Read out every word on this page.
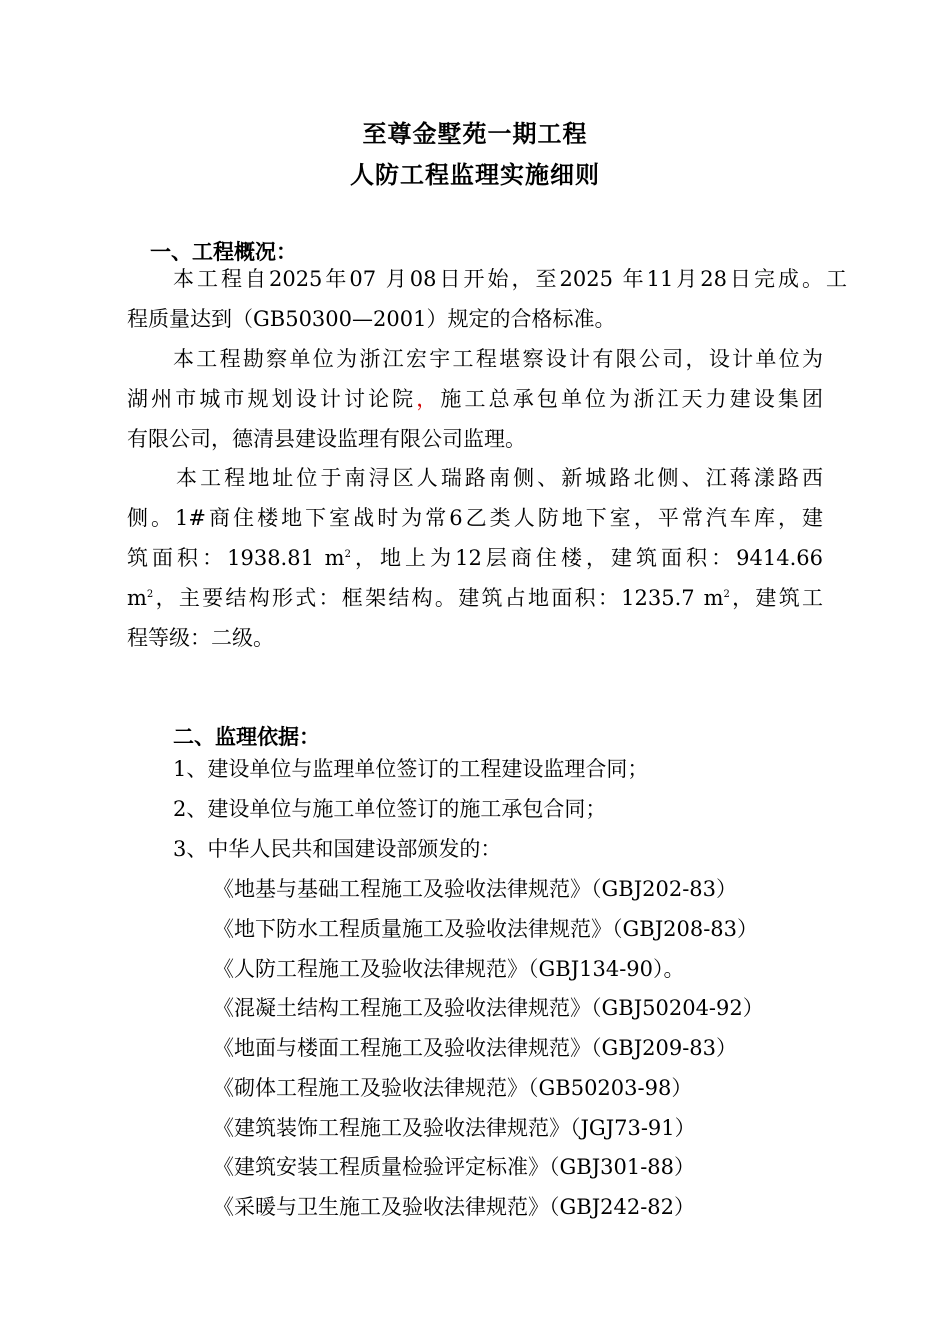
至尊金墅苑一期工程
人防工程监理实施细则
一、工程概况：
本工程自2025年07 月08日开始，至2025 年11月28日完成。工
程质量达到（GB50300—2001）规定的合格标准。
本工程勘察单位为浙江宏宇工程堪察设计有限公司，设计单位为
湖州市城市规划设计讨论院，施工总承包单位为浙江天力建设集团
有限公司，德清县建设监理有限公司监理。
本工程地址位于南浔区人瑞路南侧、新城路北侧、江蒋漾路西
侧。1#商住楼地下室战时为常6乙类人防地下室，平常汽车库，建
筑面积：1938.81 $m^2$，地上为12层商住楼，建筑面积：9414.66
$m^2$，主要结构形式：框架结构。建筑占地面积：1235.7 $m^2$，建筑工
程等级：二级。
二、监理依据：
1、建设单位与监理单位签订的工程建设监理合同；
2、建设单位与施工单位签订的施工承包合同；
3、中华人民共和国建设部颁发的：
《地基与基础工程施工及验收法律规范》（GBJ202-83）
《地下防水工程质量施工及验收法律规范》（GBJ208-83）
《人防工程施工及验收法律规范》（GBJ134-90）。
《混凝土结构工程施工及验收法律规范》（GBJ50204-92）
《地面与楼面工程施工及验收法律规范》（GBJ209-83）
《砌体工程施工及验收法律规范》（GB50203-98）
《建筑装饰工程施工及验收法律规范》（JGJ73-91）
《建筑安装工程质量检验评定标准》（GBJ301-88）
《采暖与卫生施工及验收法律规范》（GBJ242-82）
